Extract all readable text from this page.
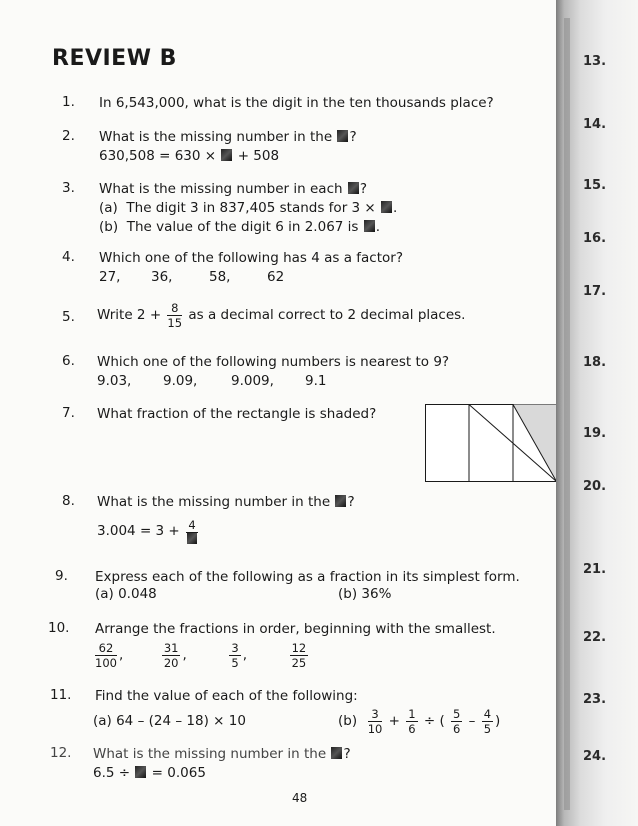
REVIEW B
1. In 6,543,000, what is the digit in the ten thousands place?
2. What is the missing number in the ?
630,508 = 630 × + 508
3. What is the missing number in each ?
(a) The digit 3 in 837,405 stands for 3 × .
(b) The value of the digit 6 in 2.067 is .
4. Which one of the following has 4 as a factor?
27, 36,	58,	62
5. Write $2 + \frac{8}{15}$ as a decimal correct to 2 decimal places.
6. Which one of the following numbers is nearest to 9?
9.03, 9.09, 9.009, 9.1
7. What fraction of the rectangle is shaded?
8. What is the missing number in the ?
3.004 = 3 + 4
9. Express each of the following as a fraction in its simplest form.
(a) 0.048	(b) 36%
10. Arrange the fractions in order, beginning with the smallest.
$\frac{62}{100}$ ,	$\frac{31}{20}$ ,	$\frac{3}{5}$ ,	$\frac{12}{25}$
11. Find the value of each of the following:
(a) 64 – (24 – 18) × 10	$(b) \frac{3}{10} + \frac{1}{6}$ ÷ ( $\frac{5}{6} - \frac{4}{5}$ )
12. What is the missing number in the ?
6.5 ÷ = 0.065
48
13.
14.
15.
16.
17.
18.
19.
20.
21.
22.
23.
24.
